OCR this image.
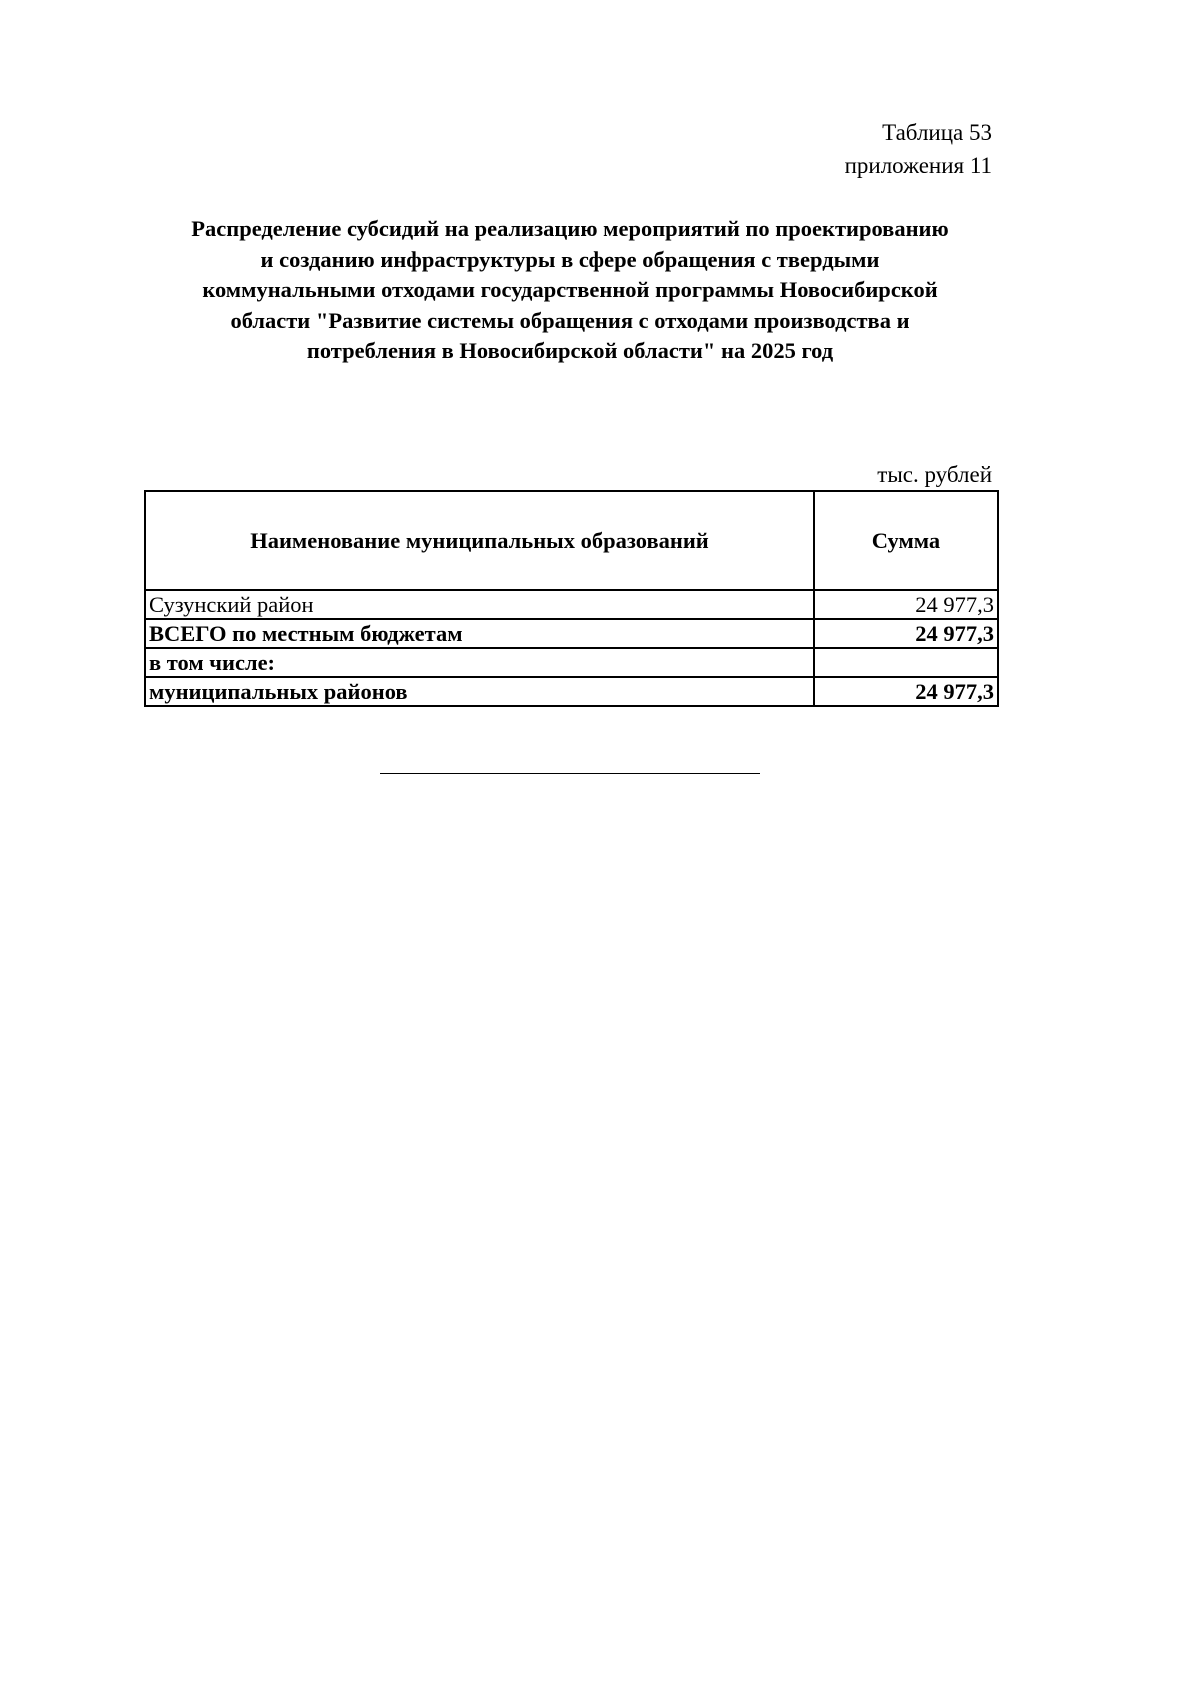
Таблица 53
приложения 11
Распределение субсидий на реализацию мероприятий по проектированию
и созданию инфраструктуры в сфере обращения с твердыми
коммунальными отходами государственной программы Новосибирской
области "Развитие системы обращения с отходами производства и
потребления в Новосибирской области" на 2025 год
тыс. рублей
Наименование муниципальных образований	Сумма
Сузунский район	24 977,3
ВСЕГО по местным бюджетам	24 977,3
в том числе:	
муниципальных районов	24 977,3
